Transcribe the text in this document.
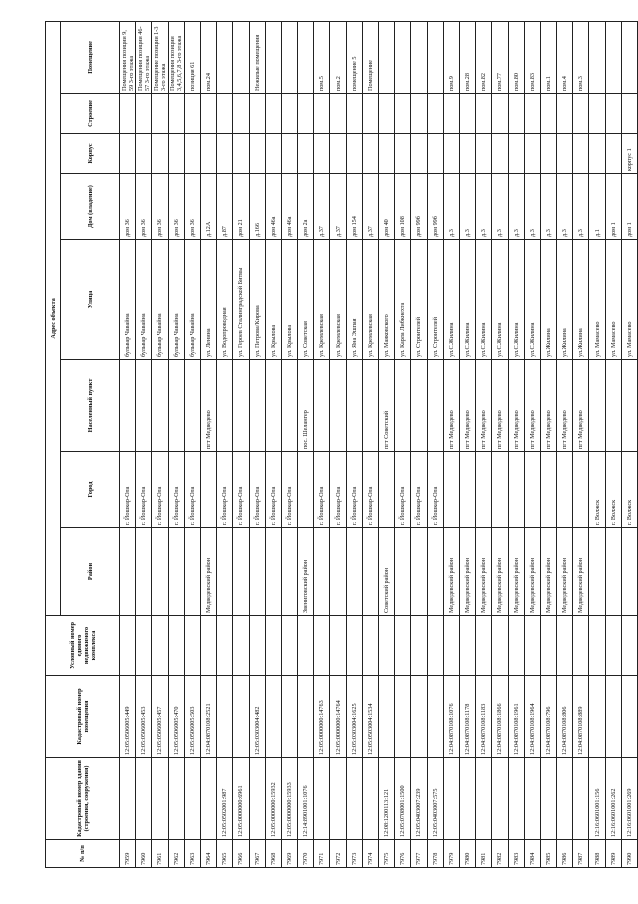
№ п/п	Кадастровый номер здания (строения, сооружения)	Кадастровый номер помещения	Условный номер единого недвижимого комплекса	Адрес объекта							
				Район	Город	Населенный пункт	Улица	Дом (владение)	Корпус	Строение	Помещение
7959		12:05:0506005:449			г. Йошкар-Ола		бульвар Чавайна	дом 36			Помещения позиции 9, 59 3-го этажа
7960		12:05:0506005:453			г. Йошкар-Ола		бульвар Чавайна	дом 36			Помещения позиции 46-57 3-го этажа
7961		12:05:0506005:457			г. Йошкар-Ола		бульвар Чавайна	дом 36			Помещение позиции 1-3 3-го этажа
7962		12:05:0506005:470			г. Йошкар-Ола		бульвар Чавайна	дом 36			Помещения позиции 3,4,5,6,7,8 3-го этажа
7963		12:05:0506005:503			г. Йошкар-Ола		бульвар Чавайна	дом 36			позиция 61
7964		12:04:0870108:2521		Медведевский район		пгт Медведево	ул. Ленина	д.12А			пом.24
7965	12:05:0502001:987				г. Йошкар-Ола		ул. Водопроводная	д.87			
7966	12:05:0000000:6961				г. Йошкар-Ола		ул. Героев Сталинградской Битвы	дом 21			
7967		12:05:0303004:482			г. Йошкар-Ола		ул. Петрова/Кирова	д.166			Нежилые помещения
7968	12:05:0000000:15932				г. Йошкар-Ола		ул. Крылова	дом 46а			
7969	12:05:0000000:15933				г. Йошкар-Ола		ул. Крылова	дом 46а			
7970	12:14:8901001:1076			Звениговский район		пос. Шелангер	ул. Советская	дом 2а			
7971		12:05:0000000:14763			г. Йошкар-Ола		ул. Кремлевская	д.37			пом.5
7972		12:05:0000000:14764			г. Йошкар-Ола		ул. Кремлевская	д.37			пом.2
7973		12:05:0303004:1625			г. Йошкар-Ола		ул. Яна Эшпая	дом 154			помещение 5
7974		12:05:0503004:1534			г. Йошкар-Ола		ул. Кремлевская	д.37			Помещение
7975	12:08:1200113:121			Советский район		пгт Советский	ул. Маяковского	дом 40			
7976	12:05:0708001:1500				г. Йошкар-Ола		ул. Карла Либкнехта	дом 108			
7977	12:05:0403007:239				г. Йошкар-Ола		ул. Строителей	дом 99б			
7978	12:05:0403007:575				г. Йошкар-Ола		ул. Строителей	дом 99б			
7979		12:04:0870108:1076		Медведевский район		пгт Медведево	ул.С.Жилина	д.3			пом.9
7980		12:04:0870108:1178		Медведевский район		пгт Медведево	ул.С.Жилина	д.3			пом.28
7981		12:04:0870108:1183		Медведевский район		пгт Медведево	ул.С.Жилина	д.3			пом.82
7982		12:04:0870108:1866		Медведевский район		пгт Медведево	ул.С.Жилина	д.3			пом.77
7983		12:04:0870108:1961		Медведевский район		пгт Медведево	ул.С.Жилина	д.3			пом.80
7984		12:04:0870108:1964		Медведевский район		пгт Медведево	ул.С.Жилина	д.3			пом.83
7985		12:04:0870108:796		Медведевский район		пгт Медведево	ул.Жилина	д.3			пом.1
7986		12:04:0870108:806		Медведевский район		пгт Медведево	ул.Жилина	д.3			пом.4
7987		12:04:0870108:889		Медведевский район		пгт Медведево	ул.Жилина	д.3			пом.3
7988	12:16:0601001:156				г. Волжск		ул. Мамасево	д.1			
7989	12:16:0601001:262				г. Волжск		ул. Мамасево	дом 1			
7990	12:16:0601001:269				г. Волжск		ул. Мамасево	дом 1	корпус 1		
